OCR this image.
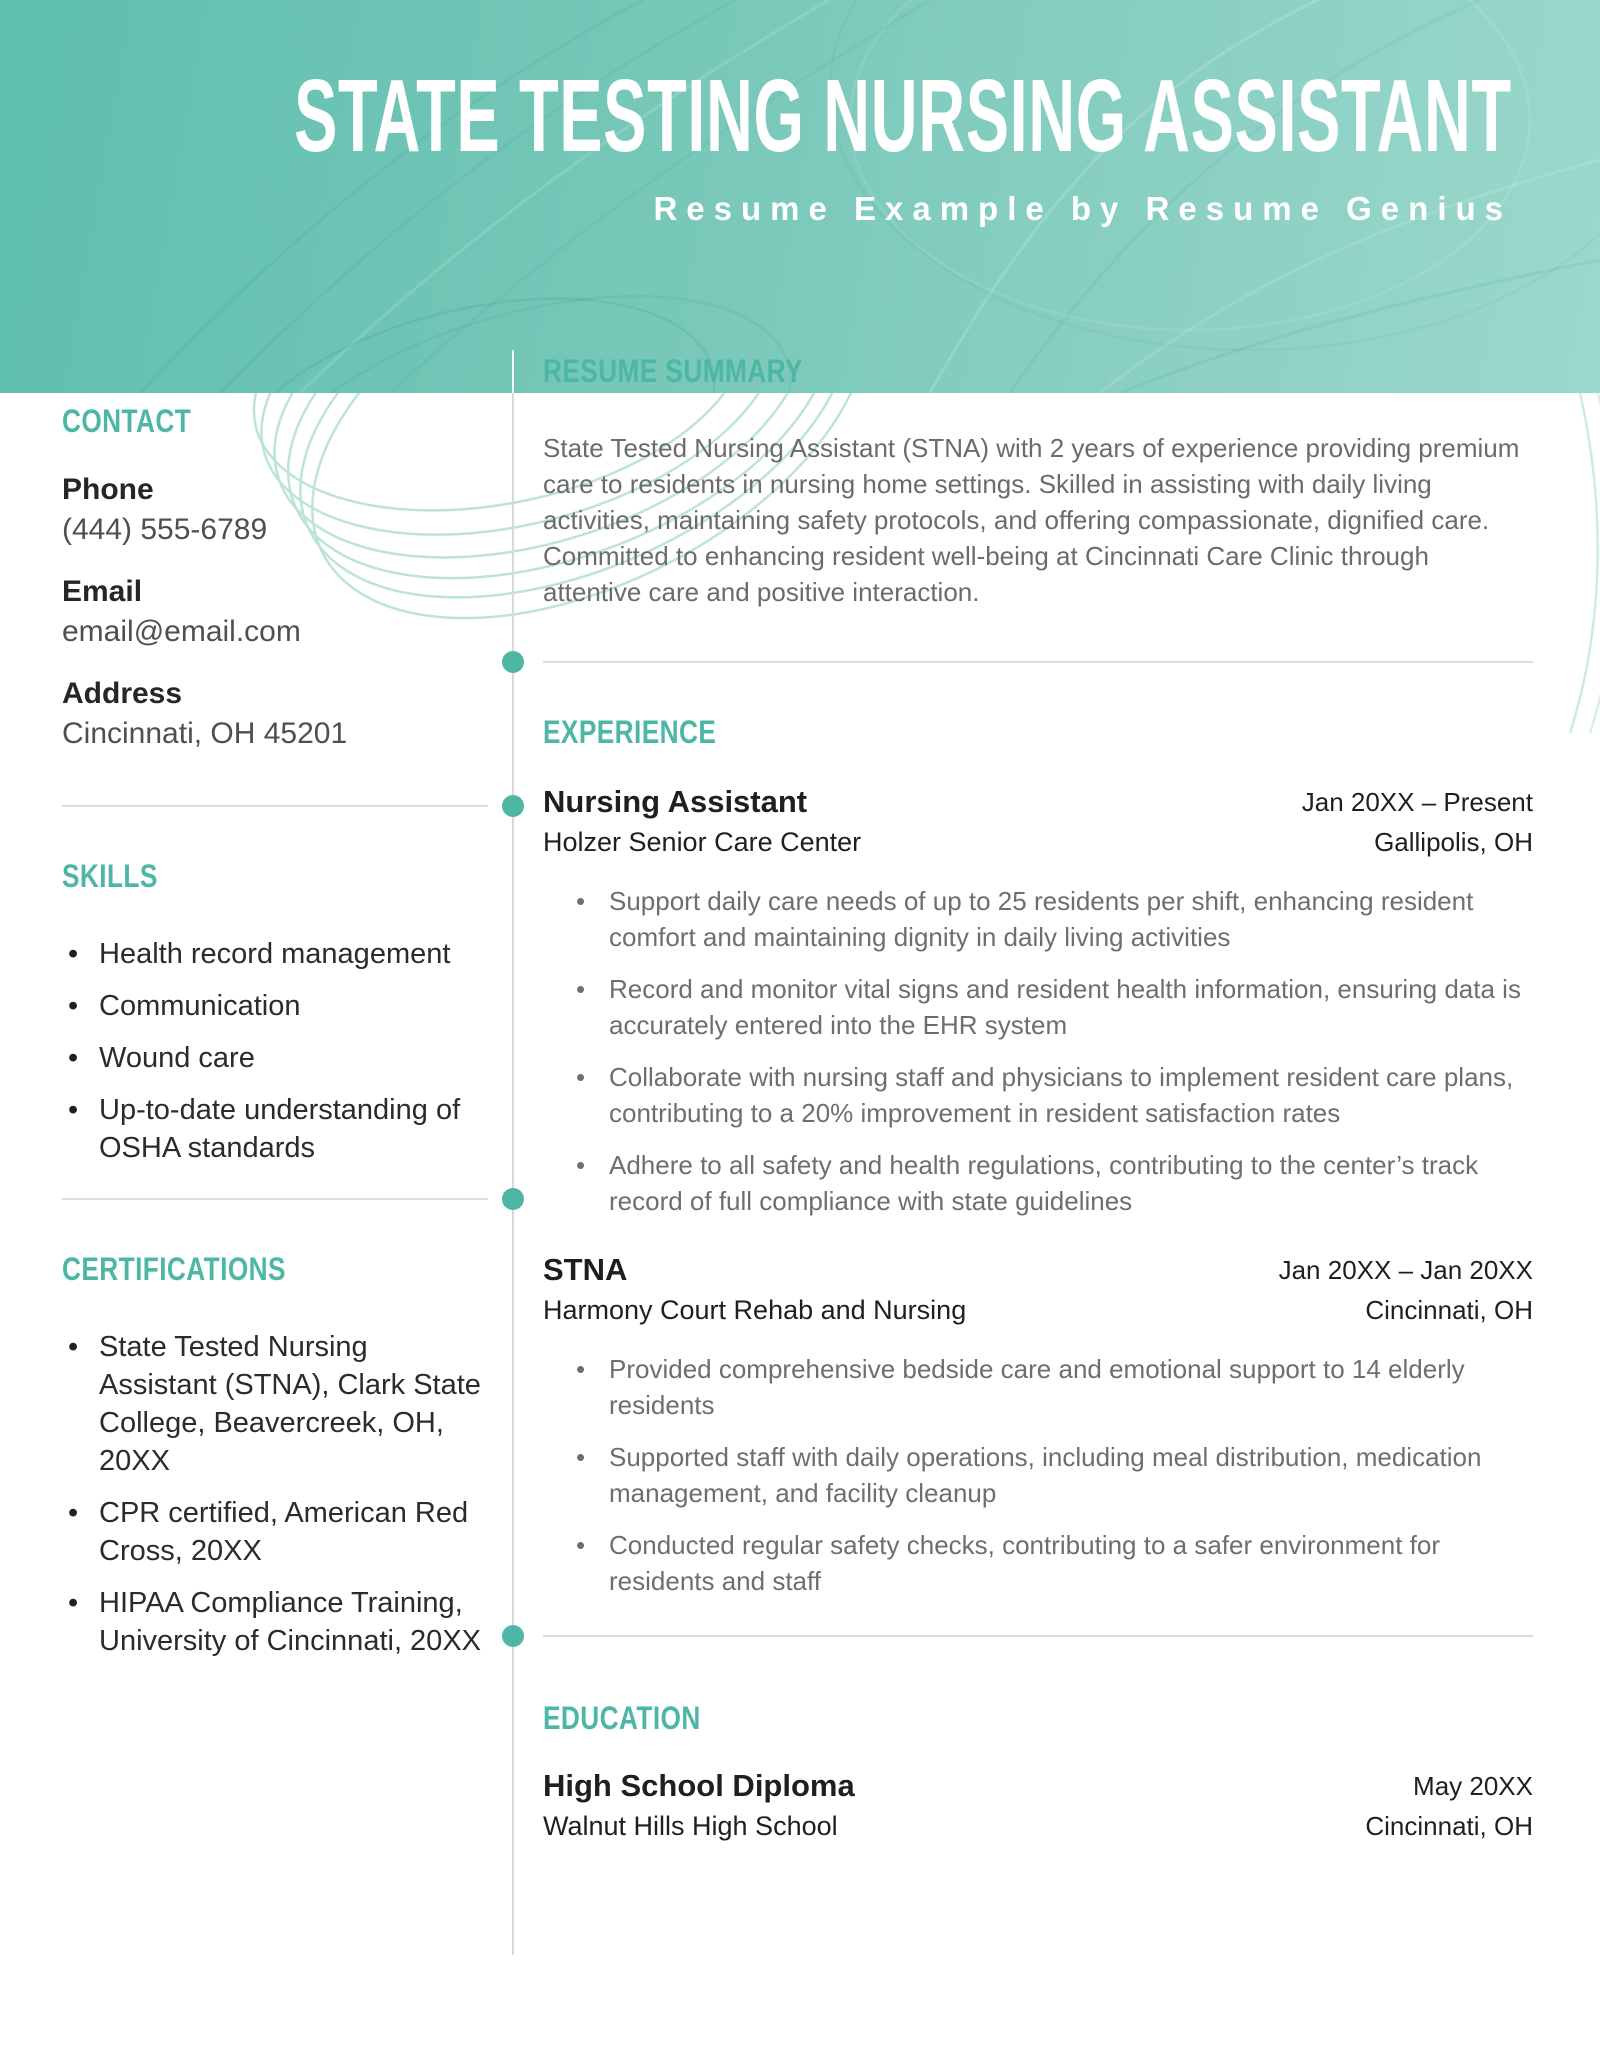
STATE TESTING NURSING ASSISTANT
Resume Example by Resume Genius
CONTACT
Phone
(444) 555-6789
Email
email@email.com
Address
Cincinnati, OH 45201
SKILLS
• Health record management
• Communication
• Wound care
• Up-to-date understanding of OSHA standards
CERTIFICATIONS
• State Tested Nursing Assistant (STNA), Clark State College, Beavercreek, OH, 20XX
• CPR certified, American Red Cross, 20XX
• HIPAA Compliance Training, University of Cincinnati, 20XX
RESUME SUMMARY

State Tested Nursing Assistant (STNA) with 2 years of experience providing premium care to residents in nursing home settings. Skilled in assisting with daily living activities, maintaining safety protocols, and offering compassionate, dignified care. Committed to enhancing resident well-being at Cincinnati Care Clinic through attentive care and positive interaction.

EXPERIENCE
Nursing Assistant
Holzer Senior Care Center
Jan 20XX – Present
Gallipolis, OH
• Support daily care needs of up to 25 residents per shift, enhancing resident comfort and maintaining dignity in daily living activities
• Record and monitor vital signs and resident health information, ensuring data is accurately entered into the EHR system
• Collaborate with nursing staff and physicians to implement resident care plans, contributing to a 20% improvement in resident satisfaction rates
• Adhere to all safety and health regulations, contributing to the center’s track record of full compliance with state guidelines
STNA
Harmony Court Rehab and Nursing
Jan 20XX – Jan 20XX
Cincinnati, OH
• Provided comprehensive bedside care and emotional support to 14 elderly residents
• Supported staff with daily operations, including meal distribution, medication management, and facility cleanup
• Conducted regular safety checks, contributing to a safer environment for residents and staff
EDUCATION
High School Diploma
Walnut Hills High School
May 20XX
Cincinnati, OH
